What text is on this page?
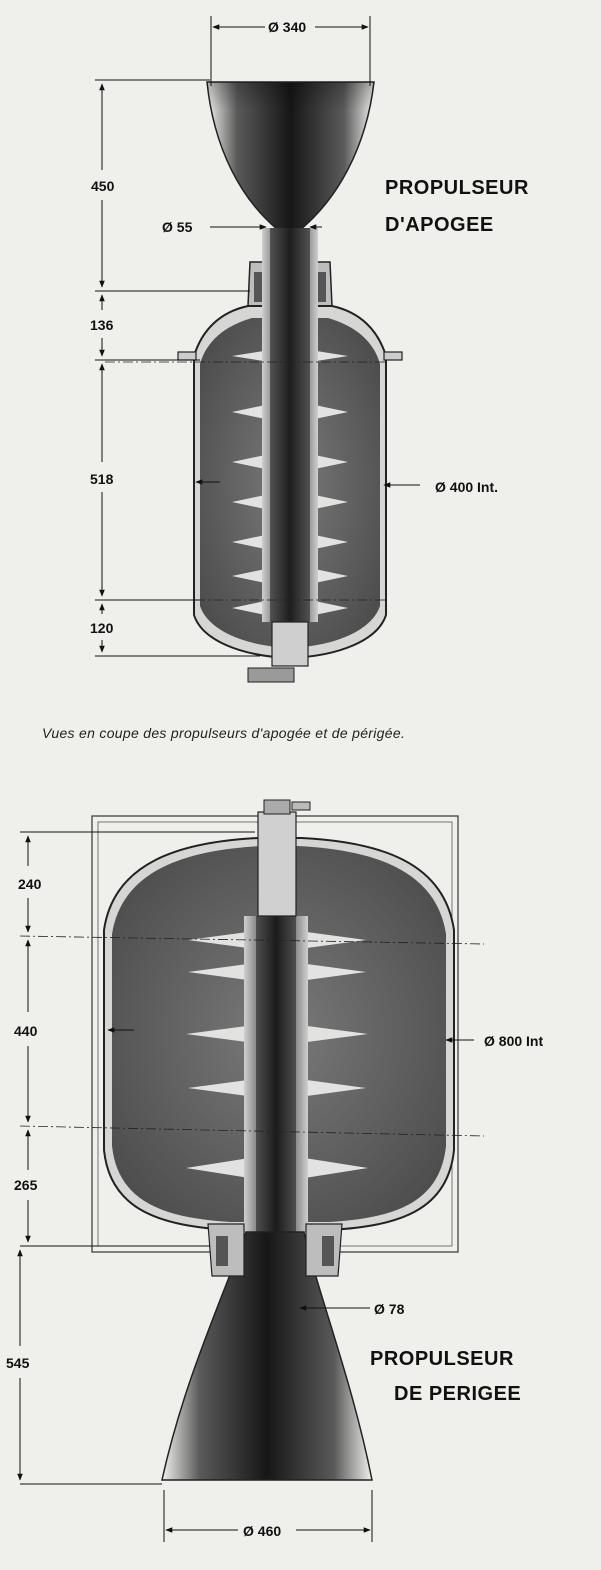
Ø 340
450
Ø 55
136
518
120
Ø 400 Int.
PROPULSEUR
D'APOGEE
Vues en coupe des propulseurs d'apogée et de périgée.
240
440
265
545
Ø 800 Int
Ø 78
Ø 460
PROPULSEUR
DE PERIGEE
